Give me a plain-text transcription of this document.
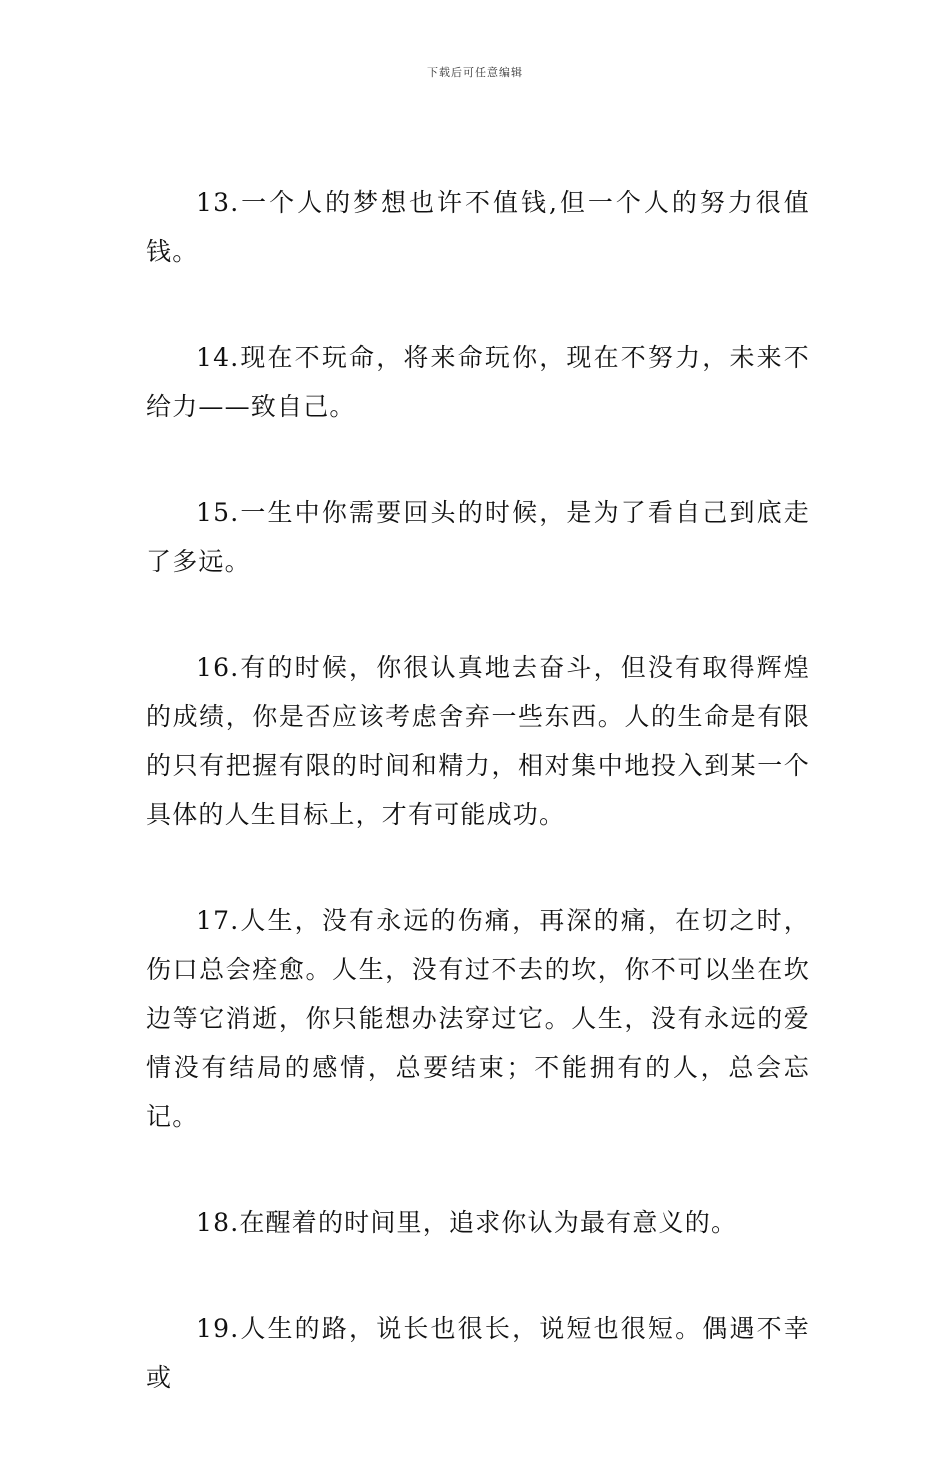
下载后可任意编辑

13.一个人的梦想也许不值钱,但一个人的努力很值钱。

14.现在不玩命，将来命玩你，现在不努力，未来不给力——致自己。

15.一生中你需要回头的时候，是为了看自己到底走了多远。

16.有的时候，你很认真地去奋斗，但没有取得辉煌的成绩，你是否应该考虑舍弃一些东西。人的生命是有限的只有把握有限的时间和精力，相对集中地投入到某一个具体的人生目标上，才有可能成功。

17.人生，没有永远的伤痛，再深的痛，在切之时，伤口总会痊愈。人生，没有过不去的坎，你不可以坐在坎边等它消逝，你只能想办法穿过它。人生，没有永远的爱情没有结局的感情，总要结束；不能拥有的人，总会忘记。

18.在醒着的时间里，追求你认为最有意义的。

19.人生的路，说长也很长，说短也很短。偶遇不幸或
